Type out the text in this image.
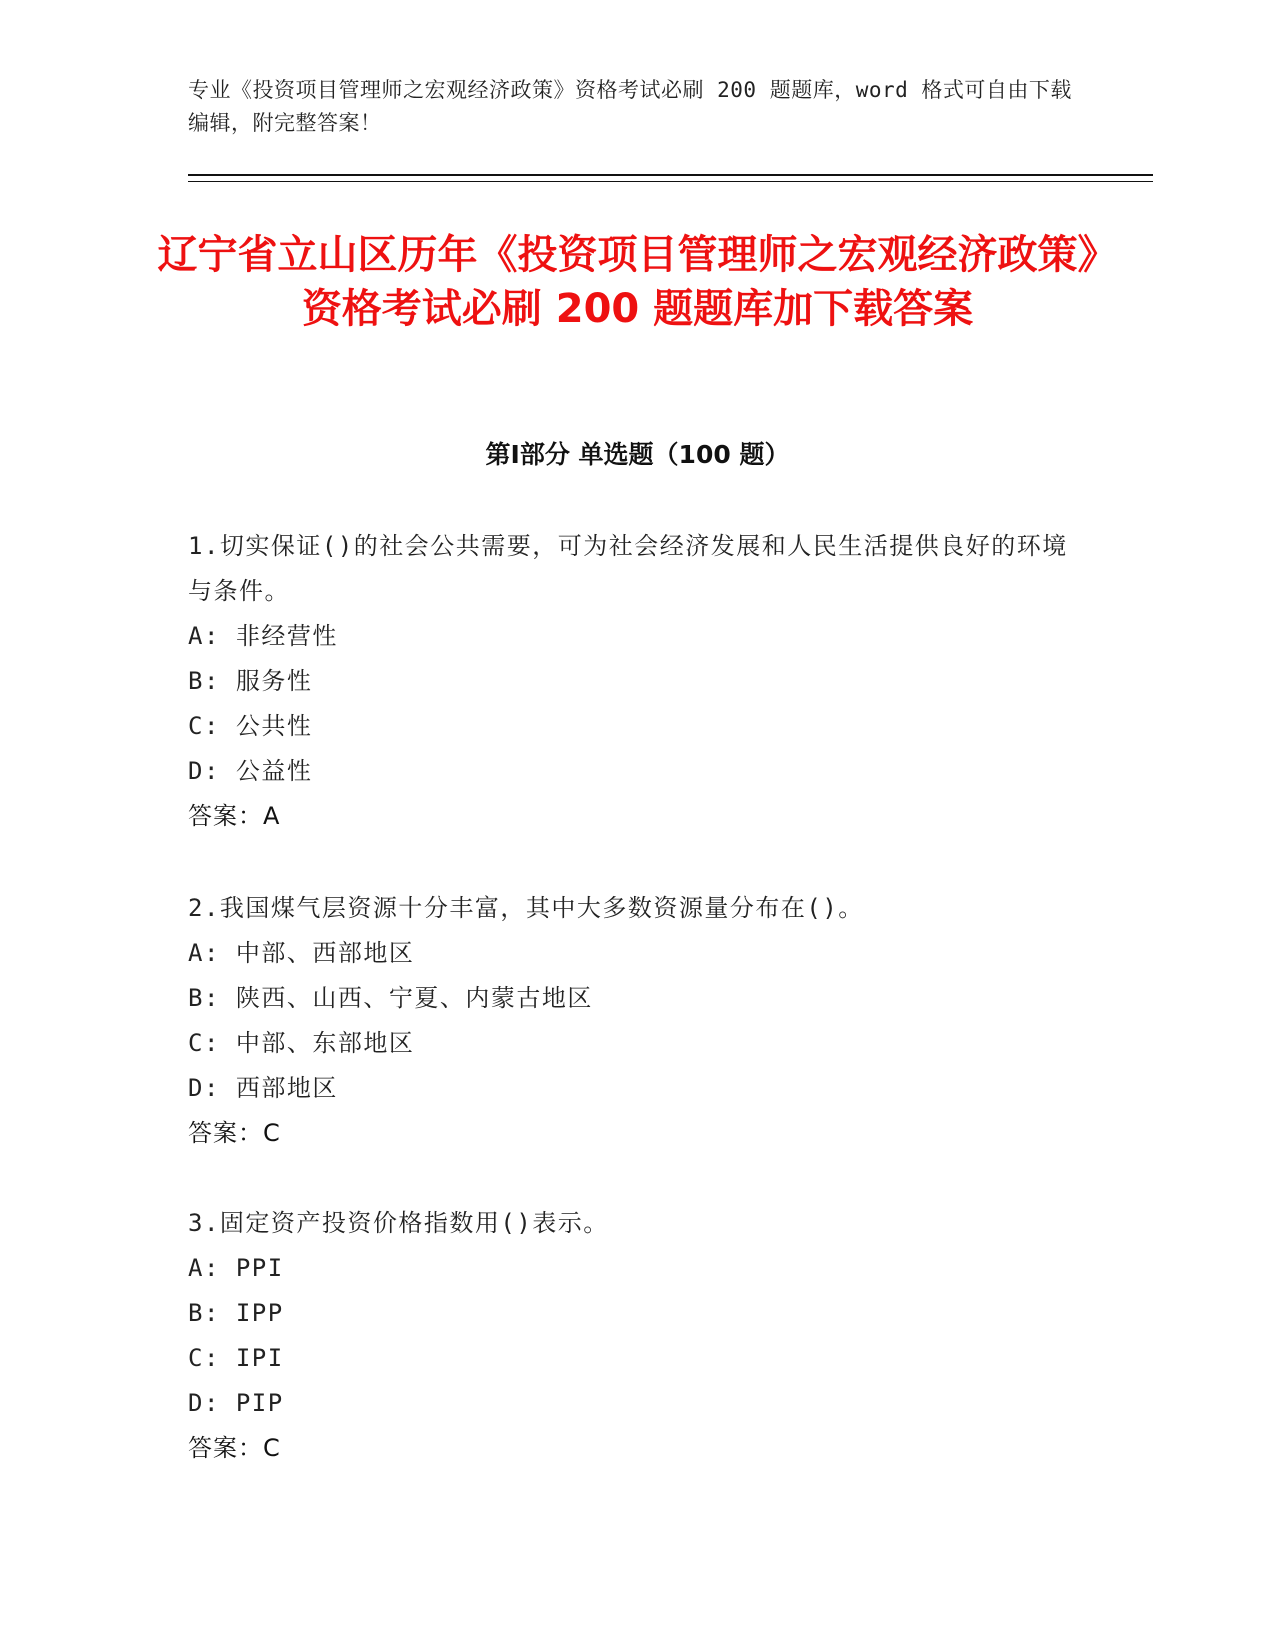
专业《投资项目管理师之宏观经济政策》资格考试必刷 200 题题库，word 格式可自由下载编辑，附完整答案！
辽宁省立山区历年《投资项目管理师之宏观经济政策》资格考试必刷 200 题题库加下载答案
第Ⅰ部分 单选题（100 题）
1.切实保证()的社会公共需要，可为社会经济发展和人民生活提供良好的环境与条件。
A: 非经营性
B: 服务性
C: 公共性
D: 公益性
答案：A
2.我国煤气层资源十分丰富，其中大多数资源量分布在()。
A: 中部、西部地区
B: 陕西、山西、宁夏、内蒙古地区
C: 中部、东部地区
D: 西部地区
答案：C
3.固定资产投资价格指数用()表示。
A: PPI
B: IPP
C: IPI
D: PIP
答案：C
